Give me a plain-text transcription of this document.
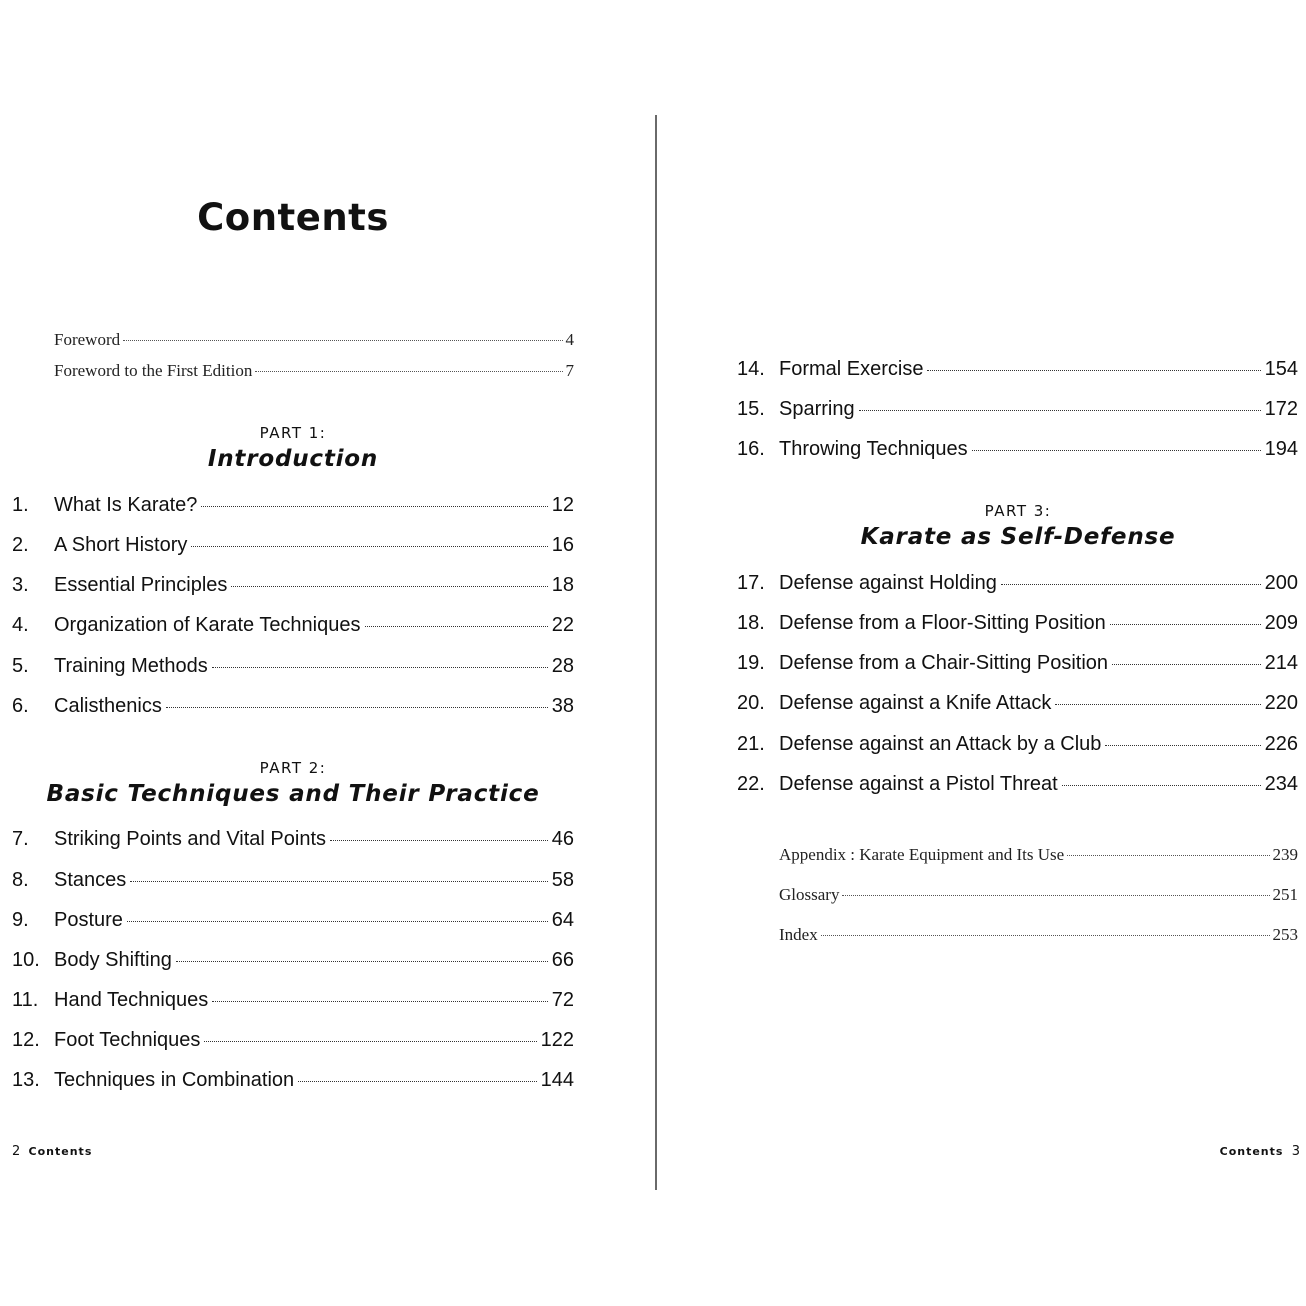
Contents
Foreword	4
Foreword to the First Edition	7
PART 1:
Introduction
1.	What Is Karate?	12
2.	A Short History	16
3.	Essential Principles	18
4.	Organization of Karate Techniques	22
5.	Training Methods	28
6.	Calisthenics	38
PART 2:
Basic Techniques and Their Practice
7.	Striking Points and Vital Points	46
8.	Stances	58
9.	Posture	64
10. Body Shifting	66
11. Hand Techniques	72
12. Foot Techniques	122
13. Techniques in Combination	144
14. Formal Exercise	154
15. Sparring	172
16. Throwing Techniques	194
PART 3:
Karate as Self-Defense
17. Defense against Holding	200
18. Defense from a Floor-Sitting Position	209
19. Defense from a Chair-Sitting Position	214
20. Defense against a Knife Attack	220
21. Defense against an Attack by a Club	226
22. Defense against a Pistol Threat	234
Appendix : Karate Equipment and Its Use	239
Glossary	251
Index	253
2 Contents	Contents 3
